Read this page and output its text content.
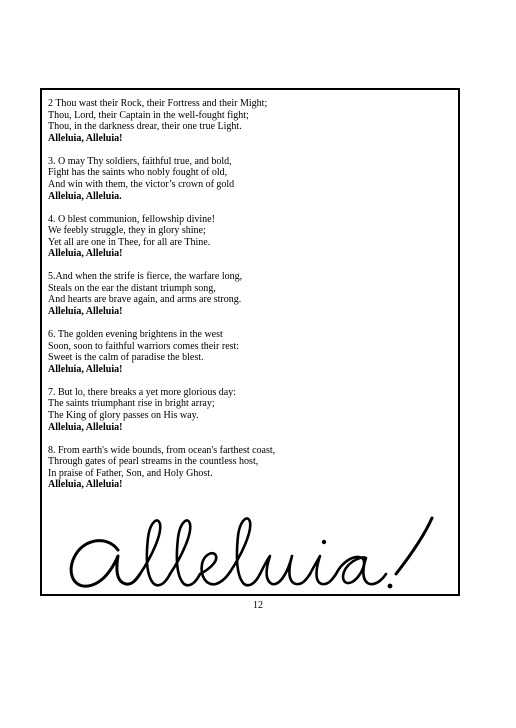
2 Thou wast their Rock, their Fortress and their Might;
Thou, Lord, their Captain in the well-fought fight;
Thou, in the darkness drear, their one true Light.
Alleluia, Alleluia!
3. O may Thy soldiers, faithful true, and bold,
Fight has the saints who nobly fought of old,
And win with them, the victor’s crown of gold
Alleluia, Alleluia.
4. O blest communion, fellowship divine!
We feebly struggle, they in glory shine;
Yet all are one in Thee, for all are Thine.
Alleluia, Alleluia!
5.And when the strife is fierce, the warfare long,
Steals on the ear the distant triumph song,
And hearts are brave again, and arms are strong.
Alleluia, Alleluia!
6. The golden evening brightens in the west
Soon, soon to faithful warriors comes their rest:
Sweet is the calm of paradise the blest.
Alleluia, Alleluia!
7. But lo, there breaks a yet more glorious day:
The saints triumphant rise in bright array;
The King of glory passes on His way.
Alleluia, Alleluia!
8. From earth's wide bounds, from ocean's farthest coast,
Through gates of pearl streams in the countless host,
In praise of Father, Son, and Holy Ghost.
Alleluia, Alleluia!
12
